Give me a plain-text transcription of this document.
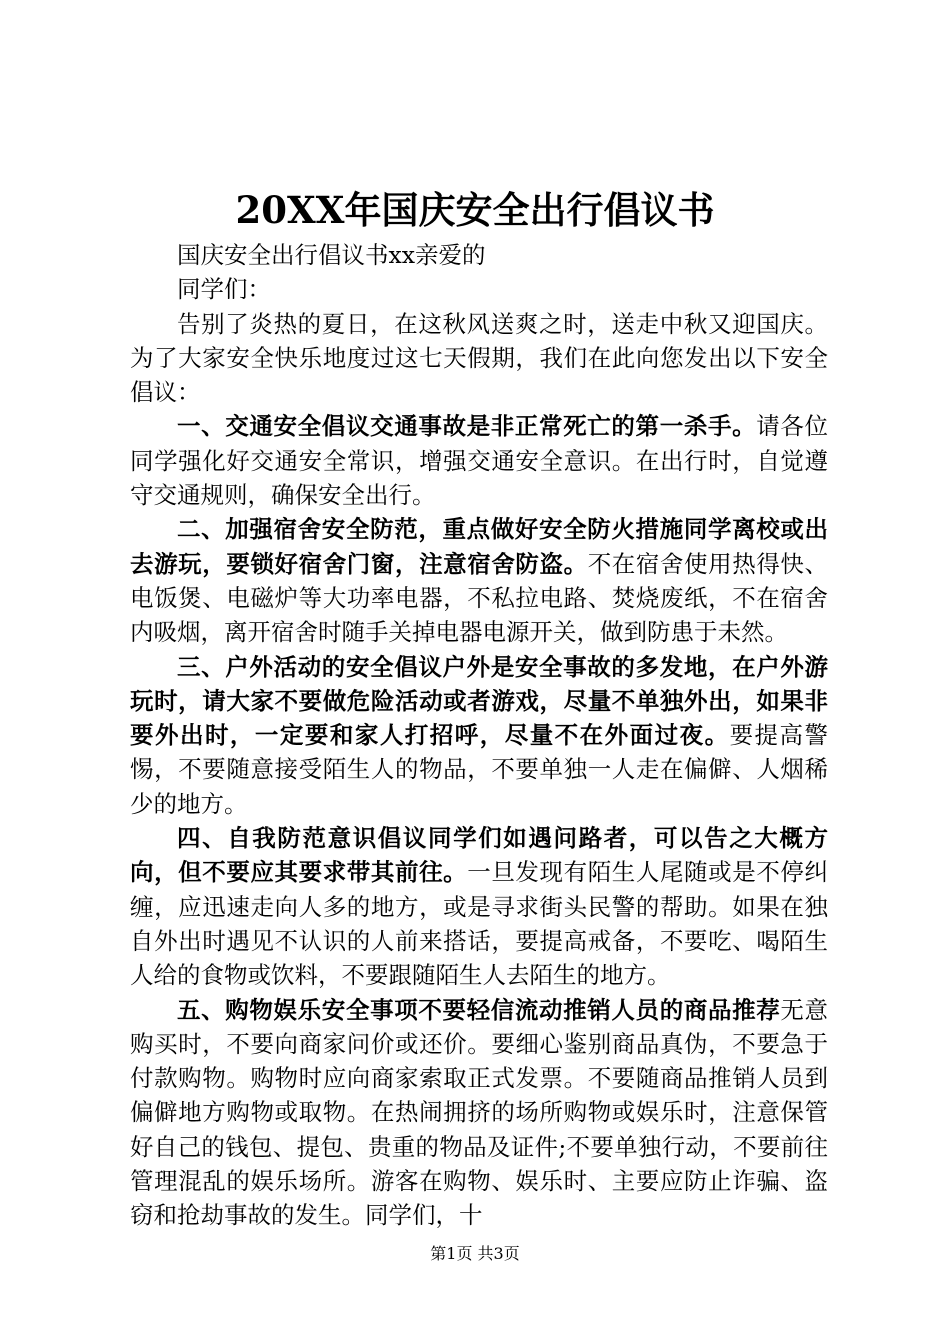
20XX年国庆安全出行倡议书

国庆安全出行倡议书xx亲爱的

同学们：

告别了炎热的夏日，在这秋风送爽之时，送走中秋又迎国庆。为了大家安全快乐地度过这七天假期，我们在此向您发出以下安全倡议：

一、交通安全倡议交通事故是非正常死亡的第一杀手。请各位同学强化好交通安全常识，增强交通安全意识。在出行时，自觉遵守交通规则，确保安全出行。

二、加强宿舍安全防范，重点做好安全防火措施同学离校或出去游玩，要锁好宿舍门窗，注意宿舍防盗。不在宿舍使用热得快、电饭煲、电磁炉等大功率电器，不私拉电路、焚烧废纸，不在宿舍内吸烟，离开宿舍时随手关掉电器电源开关，做到防患于未然。

三、户外活动的安全倡议户外是安全事故的多发地，在户外游玩时，请大家不要做危险活动或者游戏，尽量不单独外出，如果非要外出时，一定要和家人打招呼，尽量不在外面过夜。要提高警惕，不要随意接受陌生人的物品，不要单独一人走在偏僻、人烟稀少的地方。

四、自我防范意识倡议同学们如遇问路者，可以告之大概方向，但不要应其要求带其前往。一旦发现有陌生人尾随或是不停纠缠，应迅速走向人多的地方，或是寻求街头民警的帮助。如果在独自外出时遇见不认识的人前来搭话，要提高戒备，不要吃、喝陌生人给的食物或饮料，不要跟随陌生人去陌生的地方。

五、购物娱乐安全事项不要轻信流动推销人员的商品推荐无意购买时，不要向商家问价或还价。要细心鉴别商品真伪，不要急于付款购物。购物时应向商家索取正式发票。不要随商品推销人员到偏僻地方购物或取物。在热闹拥挤的场所购物或娱乐时，注意保管好自己的钱包、提包、贵重的物品及证件;不要单独行动，不要前往管理混乱的娱乐场所。游客在购物、娱乐时、主要应防止诈骗、盗窃和抢劫事故的发生。同学们，十

第1页 共3页
